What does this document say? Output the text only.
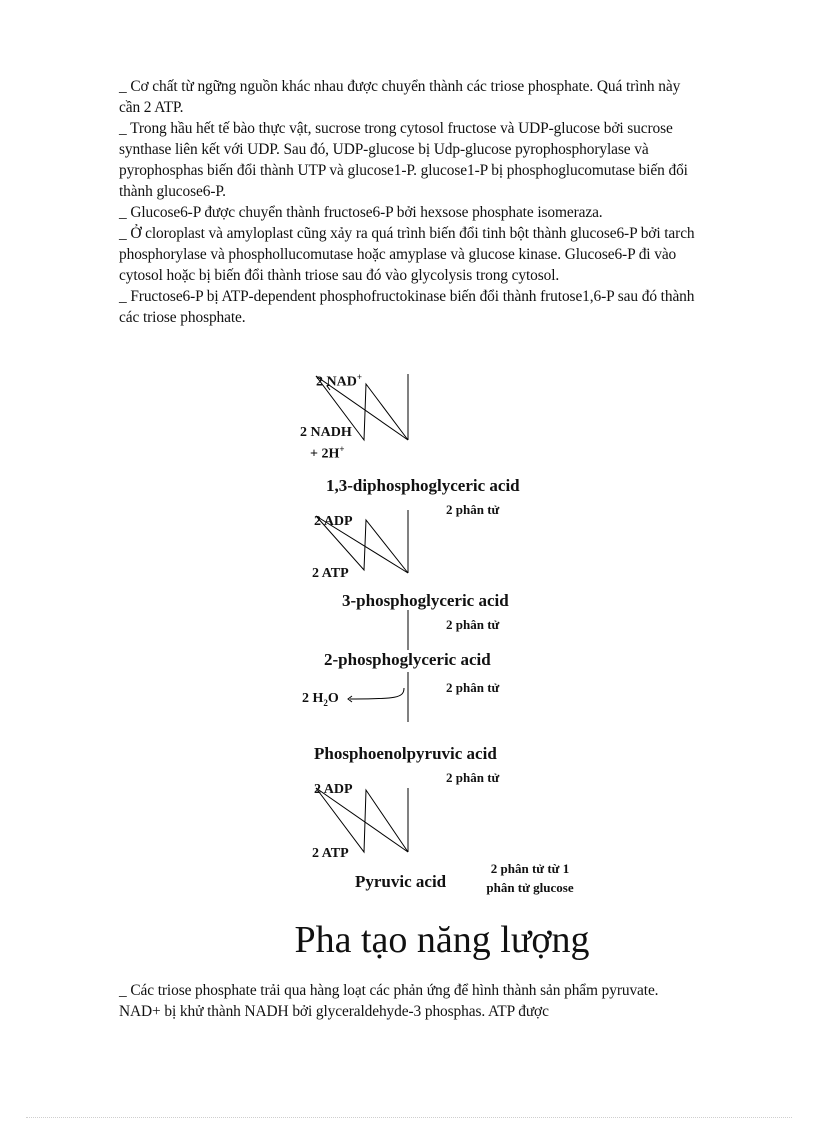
_ Cơ chất từ ngững nguồn khác nhau được chuyển thành các triose phosphate. Quá trình này cần 2 ATP.

_ Trong hầu hết tế bào thực vật, sucrose trong cytosol fructose và UDP-glucose bởi sucrose synthase liên kết với UDP. Sau đó, UDP-glucose bị Udp-glucose pyrophosphorylase và pyrophosphas biến đổi thành UTP và glucose1-P. glucose1-P bị phosphoglucomutase biến đổi thành glucose6-P.

_ Glucose6-P được chuyển thành fructose6-P bởi hexsose phosphate isomeraza.

_ Ở cloroplast và amyloplast cũng xảy ra quá trình biến đổi tinh bột thành glucose6-P bởi tarch phosphorylase và phosphollucomutase hoặc amyplase và glucose kinase. Glucose6-P đi vào cytosol hoặc bị biến đổi thành triose sau đó vào glycolysis trong cytosol.

_ Fructose6-P bị ATP-dependent phosphofructokinase biến đổi thành frutose1,6-P sau đó thành các triose phosphate.

2 NAD+
2 NADH
+ 2H+
1,3-diphosphoglyceric acid
2 phân tử
2 ADP
2 ATP
3-phosphoglyceric acid
2 phân tử
2-phosphoglyceric acid
2 phân tử
2 $H_2O$
Phosphoenolpyruvic acid
2 phân tử
2 ADP
2 ATP
Pyruvic acid
2 phân tử từ 1
phân tử glucose
Pha tạo năng lượng

_ Các triose phosphate trải qua hàng loạt các phản ứng để hình thành sản phẩm pyruvate. NAD+ bị khử thành NADH bởi glyceraldehyde-3 phosphas. ATP được
